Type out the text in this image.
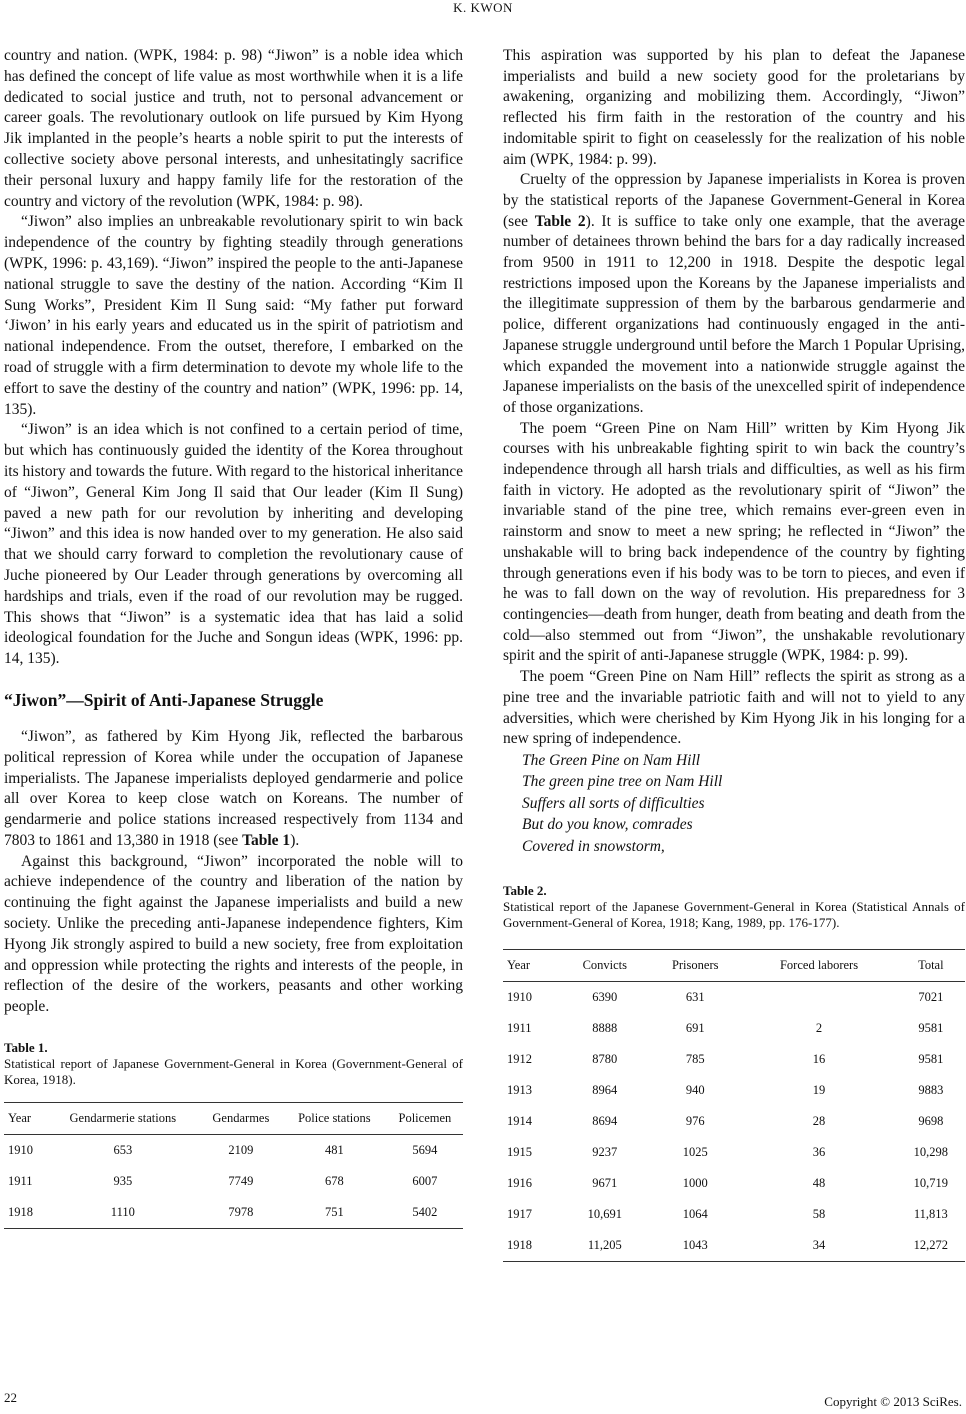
K. KWON

country and nation. (WPK, 1984: p. 98) “Jiwon” is a noble idea which has defined the concept of life value as most worthwhile when it is a life dedicated to social justice and truth, not to personal advancement or career goals. The revolutionary outlook on life pursued by Kim Hyong Jik implanted in the people’s hearts a noble spirit to put the interests of collective society above personal interests, and unhesitatingly sacrifice their personal luxury and happy family life for the restoration of the country and victory of the revolution (WPK, 1984: p. 98).

“Jiwon” also implies an unbreakable revolutionary spirit to win back independence of the country by fighting steadily through generations (WPK, 1996: p. 43,169). “Jiwon” inspired the people to the anti-Japanese national struggle to save the destiny of the nation. According “Kim Il Sung Works”, President Kim Il Sung said: “My father put forward ‘Jiwon’ in his early years and educated us in the spirit of patriotism and national independence. From the outset, therefore, I embarked on the road of struggle with a firm determination to devote my whole life to the effort to save the destiny of the country and nation” (WPK, 1996: pp. 14, 135).

“Jiwon” is an idea which is not confined to a certain period of time, but which has continuously guided the identity of the Korea throughout its history and towards the future. With regard to the historical inheritance of “Jiwon”, General Kim Jong Il said that Our leader (Kim Il Sung) paved a new path for our revolution by inheriting and developing “Jiwon” and this idea is now handed over to my generation. He also said that we should carry forward to completion the revolutionary cause of Juche pioneered by Our Leader through generations by overcoming all hardships and trials, even if the road of our revolution may be rugged. This shows that “Jiwon” is a systematic idea that has laid a solid ideological foundation for the Juche and Songun ideas (WPK, 1996: pp. 14, 135).

“Jiwon”—Spirit of Anti-Japanese Struggle

“Jiwon”, as fathered by Kim Hyong Jik, reflected the barbarous political repression of Korea while under the occupation of Japanese imperialists. The Japanese imperialists deployed gendarmerie and police all over Korea to keep close watch on Koreans. The number of gendarmerie and police stations increased respectively from 1134 and 7803 to 1861 and 13,380 in 1918 (see Table 1).

Against this background, “Jiwon” incorporated the noble will to achieve independence of the country and liberation of the nation by continuing the fight against the Japanese imperialists and build a new society. Unlike the preceding anti-Japanese independence fighters, Kim Hyong Jik strongly aspired to build a new society, free from exploitation and oppression while protecting the rights and interests of the people, in reflection of the desire of the workers, peasants and other working people.

Table 1.

Statistical report of Japanese Government-General in Korea (Government-General of Korea, 1918).

Year	Gendarmerie stations	Gendarmes	Police stations	Policemen
1910	653	2109	481	5694
1911	935	7749	678	6007
1918	1110	7978	751	5402

This aspiration was supported by his plan to defeat the Japanese imperialists and build a new society good for the proletarians by awakening, organizing and mobilizing them. Accordingly, “Jiwon” reflected his firm faith in the restoration of the country and his indomitable spirit to fight on ceaselessly for the realization of his noble aim (WPK, 1984: p. 99).

Cruelty of the oppression by Japanese imperialists in Korea is proven by the statistical reports of the Japanese Government-General in Korea (see Table 2). It is suffice to take only one example, that the average number of detainees thrown behind the bars for a day radically increased from 9500 in 1911 to 12,200 in 1918. Despite the despotic legal restrictions imposed upon the Koreans by the Japanese imperialists and the illegitimate suppression of them by the barbarous gendarmerie and police, different organizations had continuously engaged in the anti-Japanese struggle underground until before the March 1 Popular Uprising, which expanded the movement into a nationwide struggle against the Japanese imperialists on the basis of the unexcelled spirit of independence of those organizations.

The poem “Green Pine on Nam Hill” written by Kim Hyong Jik courses with his unbreakable fighting spirit to win back the country’s independence through all harsh trials and difficulties, as well as his firm faith in victory. He adopted as the revolutionary spirit of “Jiwon” the invariable stand of the pine tree, which remains ever-green even in rainstorm and snow to meet a new spring; he reflected in “Jiwon” the unshakable will to bring back independence of the country by fighting through generations even if his body was to be torn to pieces, and even if he was to fall down on the way of revolution. His preparedness for 3 contingencies—death from hunger, death from beating and death from the cold—also stemmed out from “Jiwon”, the unshakable revolutionary spirit and the spirit of anti-Japanese struggle (WPK, 1984: p. 99).

The poem “Green Pine on Nam Hill” reflects the spirit as strong as a pine tree and the invariable patriotic faith and will not to yield to any adversities, which were cherished by Kim Hyong Jik in his longing for a new spring of independence.

The Green Pine on Nam Hill

The green pine tree on Nam Hill

Suffers all sorts of difficulties

But do you know, comrades

Covered in snowstorm,

Table 2.

Statistical report of the Japanese Government-General in Korea (Statistical Annals of Government-General of Korea, 1918; Kang, 1989, pp. 176-177).

Year	Convicts	Prisoners	Forced laborers	Total
1910	6390	631		7021
1911	8888	691	2	9581
1912	8780	785	16	9581
1913	8964	940	19	9883
1914	8694	976	28	9698
1915	9237	1025	36	10,298
1916	9671	1000	48	10,719
1917	10,691	1064	58	11,813
1918	11,205	1043	34	12,272
22	Copyright © 2013 SciRes.
